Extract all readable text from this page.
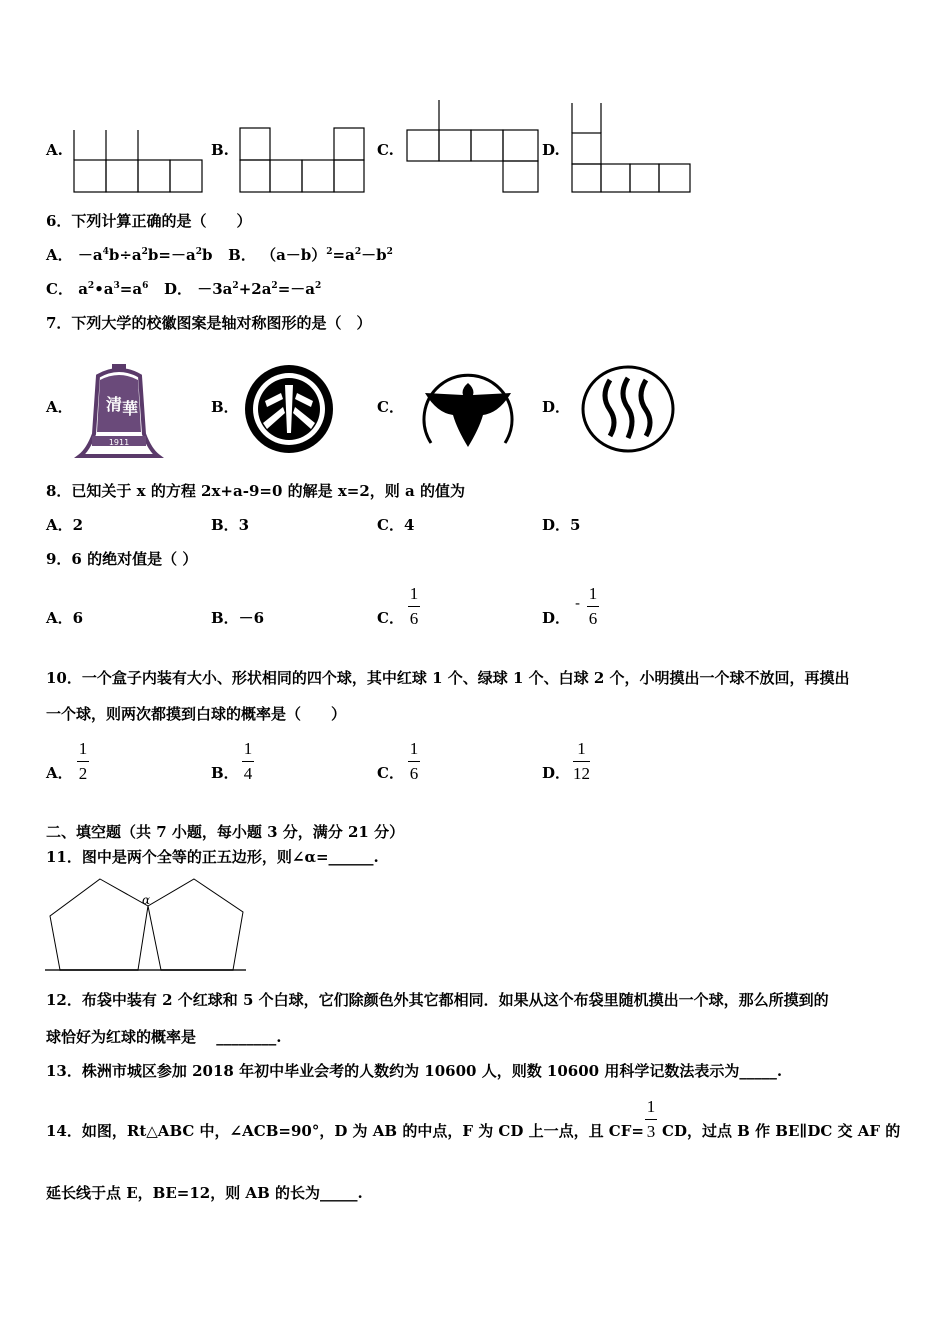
A.	B.	C.	D.
6．下列计算正确的是（　　）
A． $-a^4b\div a^2b=-a^2b$ B． $(a-b)^2=a^2-b^2$
C． $a^2•a^3=a^6$ D． $-3a^2+2a^2=-a^2$
7．下列大学的校徽图案是轴对称图形的是（　）
A．	B．	C．	D．
清 華
1911
8．已知关于 x 的方程 2x+a-9=0 的解是 x=2，则 a 的值为
A．2	B．3	C．4	D．5
9．6 的绝对值是（ ）
A．6	B．－6	C．
1
6	D．
- 1
6
10．一个盒子内装有大小、形状相同的四个球，其中红球 1 个、绿球 1 个、白球 2 个，小明摸出一个球不放回，再摸出
一个球，则两次都摸到白球的概率是（　　）
A．
1
2	B．
1
4	C．
1
6	D．
1
12
二、填空题（共 7 小题，每小题 3 分，满分 21 分）
11．图中是两个全等的正五边形，则∠α=______.
α
12．布袋中装有 2 个红球和 5 个白球，它们除颜色外其它都相同．如果从这个布袋里随机摸出一个球，那么所摸到的
球恰好为红球的概率是　 ________.
13．株洲市城区参加 2018 年初中毕业会考的人数约为 10600 人，则数 10600 用科学记数法表示为_____.
14．如图，Rt△ABC 中，∠ACB=90°，D 为 AB 的中点，F 为 CD 上一点，且 CF=
1
3 CD，过点 B 作 BE∥DC 交 AF 的
延长线于点 E，BE=12，则 AB 的长为_____.
